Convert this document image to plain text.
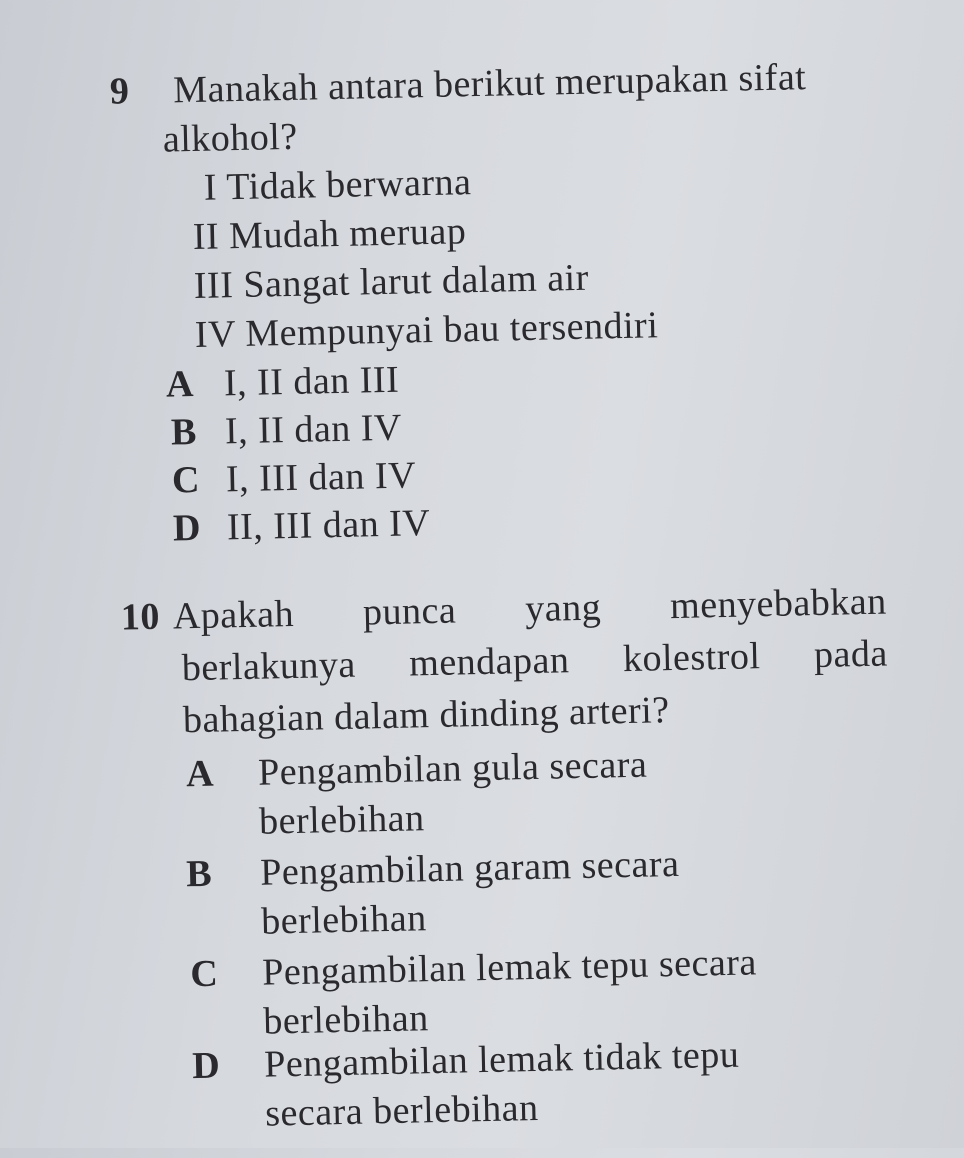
9 Manakah antara berikut merupakan sifat
alkohol?
I Tidak berwarna
II Mudah meruap
III Sangat larut dalam air
IV Mempunyai bau tersendiri
A I, II dan III
B I, II dan IV
C I, III dan IV
D II, III dan IV
10 Apakah punca yang menyebabkan
berlakunya mendapan kolestrol pada
bahagian dalam dinding arteri?
A Pengambilan gula secara
berlebihan
B Pengambilan garam secara
berlebihan
C Pengambilan lemak tepu secara
berlebihan
D Pengambilan lemak tidak tepu
secara berlebihan
